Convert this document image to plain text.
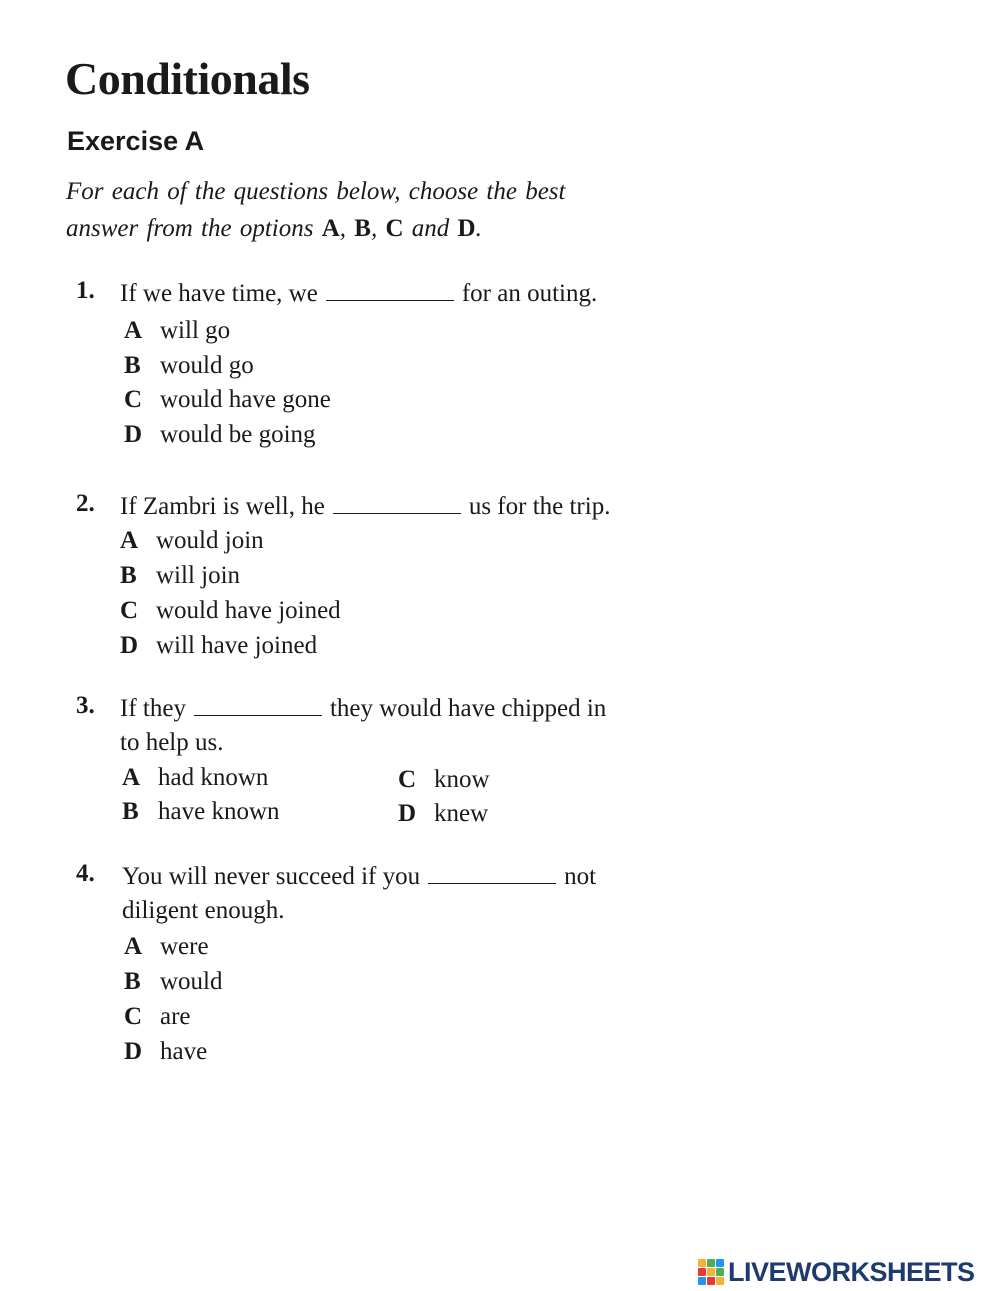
Conditionals
Exercise A

For each of the questions below, choose the best
answer from the options A, B, C and D.

1. If we have time, we	for an outing.
A will go
B would go
C would have gone
D would be going
2. If Zambri is well, he	us for the trip.
A would join
B will join
C would have joined
D will have joined
3. If they	they would have chipped in
to help us.
A had known
B have known
C know
D knew
4. You will never succeed if you	not
diligent enough.
A were
B would
C are
D have
LIVEWORKSHEETS
